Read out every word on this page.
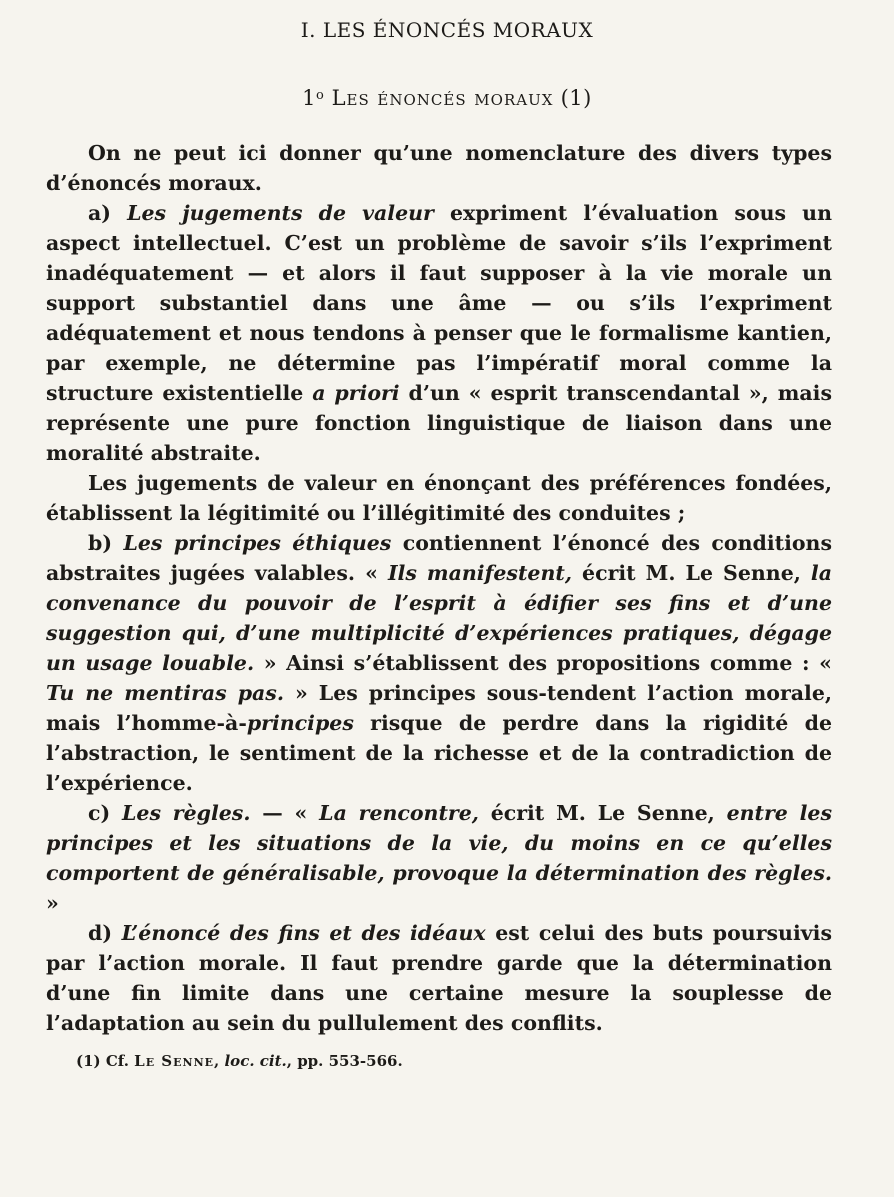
I. LES ÉNONCÉS MORAUX
1$^o$ Les énoncés moraux (1)

On ne peut ici donner qu’une nomenclature des divers types d’énoncés moraux.

a) Les jugements de valeur expriment l’évaluation sous un aspect intellectuel. C’est un problème de savoir s’ils l’expriment inadéquatement — et alors il faut supposer à la vie morale un support substantiel dans une âme — ou s’ils l’expriment adéquatement et nous tendons à penser que le formalisme kantien, par exemple, ne détermine pas l’impératif moral comme la structure existentielle a priori d’un « esprit transcendantal », mais représente une pure fonction linguistique de liaison dans une moralité abstraite.

Les jugements de valeur en énonçant des préférences fondées, établissent la légitimité ou l’illégitimité des conduites ;

b) Les principes éthiques contiennent l’énoncé des conditions abstraites jugées valables. « Ils manifestent, écrit M. Le Senne, la convenance du pouvoir de l’esprit à édifier ses fins et d’une suggestion qui, d’une multiplicité d’expériences pratiques, dégage un usage louable. » Ainsi s’établissent des propositions comme : « Tu ne mentiras pas. » Les principes sous-tendent l’action morale, mais l’homme-à-principes risque de perdre dans la rigidité de l’abstraction, le sentiment de la richesse et de la contradiction de l’expérience.

c) Les règles. — « La rencontre, écrit M. Le Senne, entre les principes et les situations de la vie, du moins en ce qu’elles comportent de généralisable, provoque la détermination des règles. »

d) L’énoncé des fins et des idéaux est celui des buts poursuivis par l’action morale. Il faut prendre garde que la détermination d’une fin limite dans une certaine mesure la souplesse de l’adaptation au sein du pullulement des conflits.

(1) Cf. Le Senne, loc. cit., pp. 553-566.
